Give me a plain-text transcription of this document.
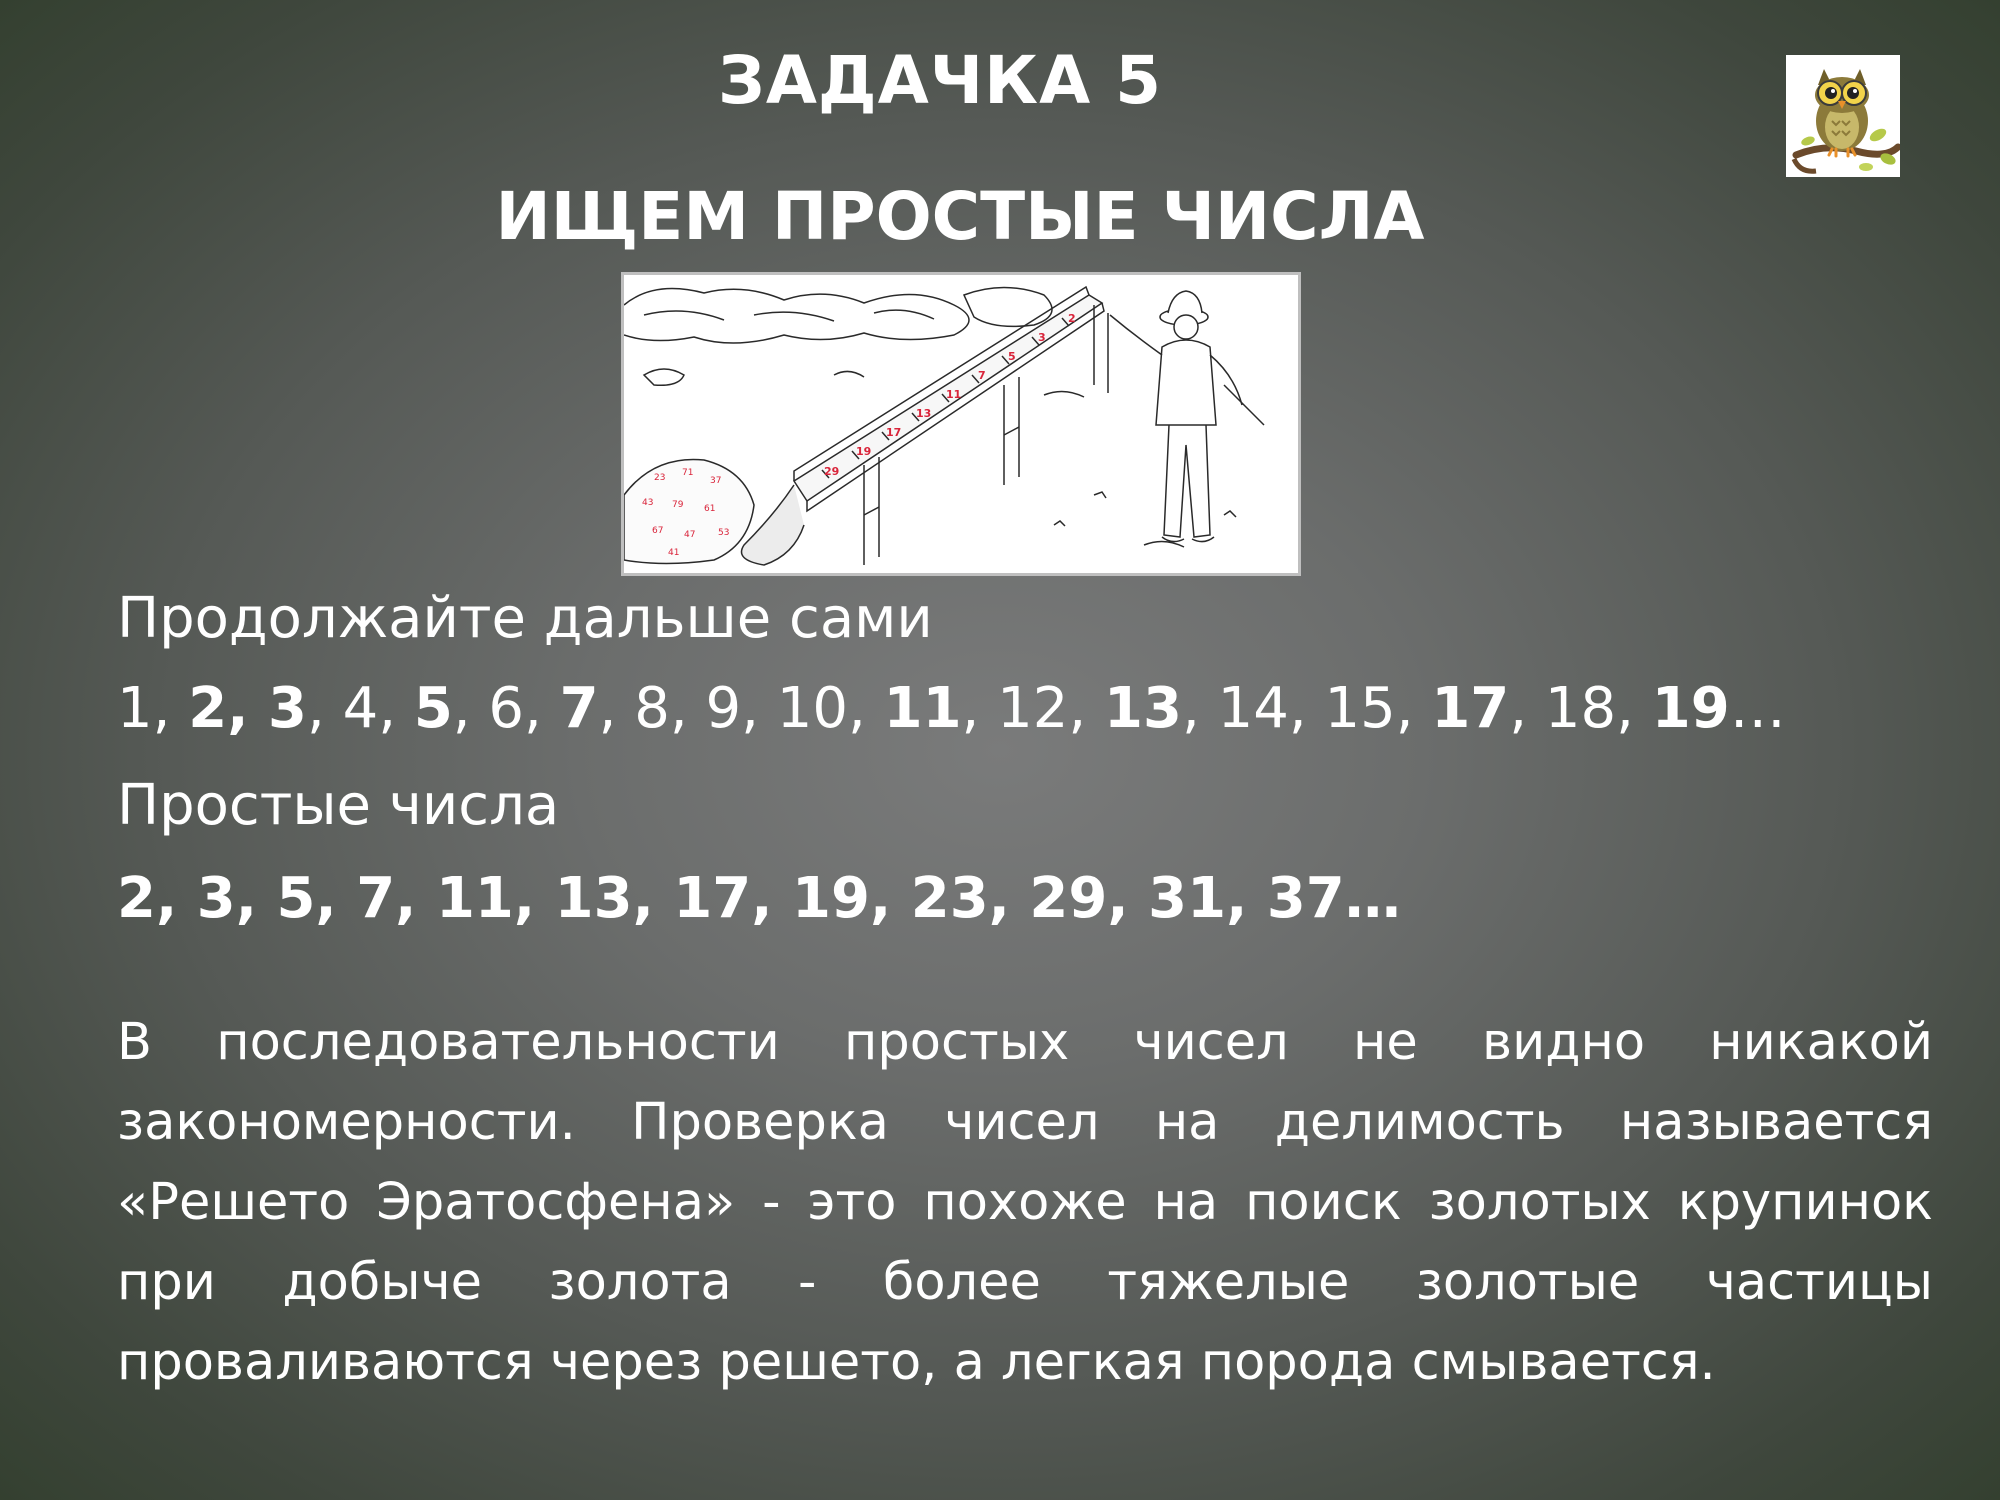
ЗАДАЧКА 5
ИЩЕМ ПРОСТЫЕ ЧИСЛА
29
19
17
13
11
7
5
3
2
23 71
37
43 79 61
67 47	53
41
Продолжайте дальше сами
1, 2, 3, 4, 5, 6, 7, 8, 9, 10, 11, 12, 13, 14, 15, 17, 18, 19…
Простые числа
2, 3, 5, 7, 11, 13, 17, 19, 23, 29, 31, 37…

В последовательности простых чисел не видно никакой закономерности. Проверка чисел на делимость называется «Решето Эратосфена» - это похоже на поиск золотых крупинок при добыче золота - более тяжелые золотые частицы проваливаются через решето, а легкая порода смывается.
